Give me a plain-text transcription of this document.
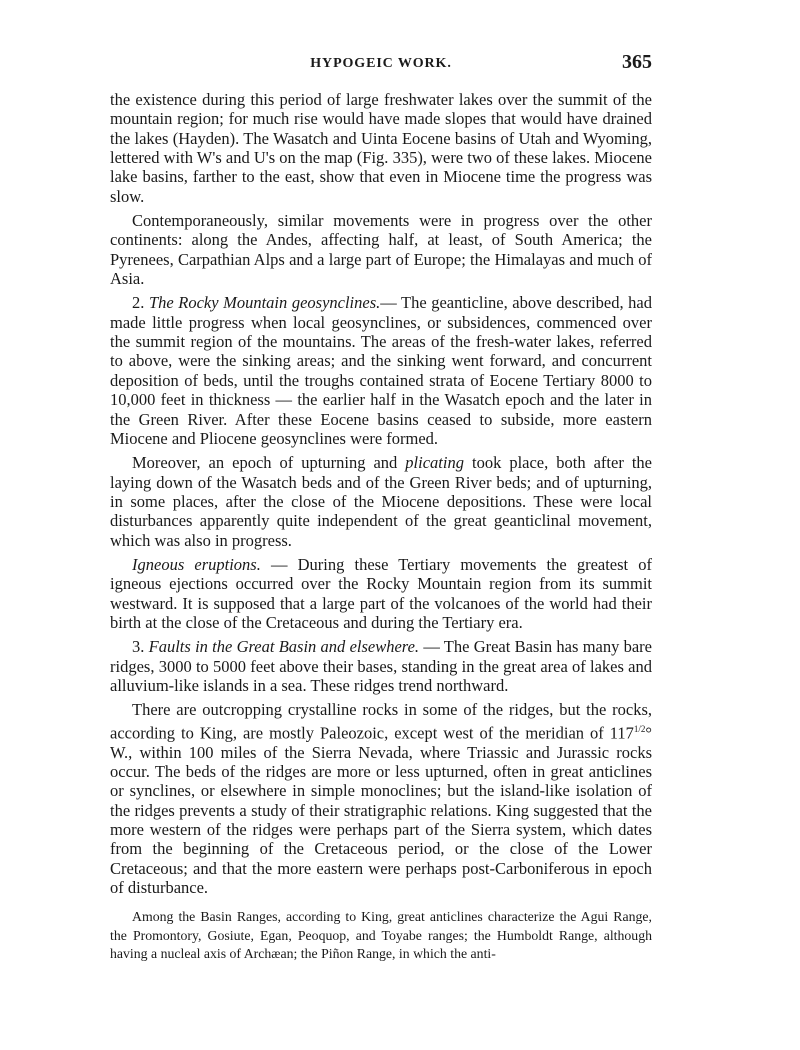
HYPOGEIC WORK.	365

the existence during this period of large freshwater lakes over the summit of the mountain region; for much rise would have made slopes that would have drained the lakes (Hayden). The Wasatch and Uinta Eocene basins of Utah and Wyoming, lettered with W's and U's on the map (Fig. 335), were two of these lakes. Miocene lake basins, farther to the east, show that even in Miocene time the progress was slow.

Contemporaneously, similar movements were in progress over the other continents: along the Andes, affecting half, at least, of South America; the Pyrenees, Carpathian Alps and a large part of Europe; the Himalayas and much of Asia.

2. The Rocky Mountain geosynclines.— The geanticline, above described, had made little progress when local geosynclines, or subsidences, commenced over the summit region of the mountains. The areas of the fresh-water lakes, referred to above, were the sinking areas; and the sinking went forward, and concurrent deposition of beds, until the troughs contained strata of Eocene Tertiary 8000 to 10,000 feet in thickness — the earlier half in the Wasatch epoch and the later in the Green River. After these Eocene basins ceased to subside, more eastern Miocene and Pliocene geosynclines were formed.

Moreover, an epoch of upturning and plicating took place, both after the laying down of the Wasatch beds and of the Green River beds; and of upturning, in some places, after the close of the Miocene depositions. These were local disturbances apparently quite independent of the great geanticlinal movement, which was also in progress.

Igneous eruptions. — During these Tertiary movements the greatest of igneous ejections occurred over the Rocky Mountain region from its summit westward. It is supposed that a large part of the volcanoes of the world had their birth at the close of the Cretaceous and during the Tertiary era.

3. Faults in the Great Basin and elsewhere. — The Great Basin has many bare ridges, 3000 to 5000 feet above their bases, standing in the great area of lakes and alluvium-like islands in a sea. These ridges trend northward.

There are outcropping crystalline rocks in some of the ridges, but the rocks, according to King, are mostly Paleozoic, except west of the meridian of $117^{1/2}^\circ$ W., within 100 miles of the Sierra Nevada, where Triassic and Jurassic rocks occur. The beds of the ridges are more or less upturned, often in great anticlines or synclines, or elsewhere in simple monoclines; but the island-like isolation of the ridges prevents a study of their stratigraphic relations. King suggested that the more western of the ridges were perhaps part of the Sierra system, which dates from the beginning of the Cretaceous period, or the close of the Lower Cretaceous; and that the more eastern were perhaps post-Carboniferous in epoch of disturbance.

Among the Basin Ranges, according to King, great anticlines characterize the Agui Range, the Promontory, Gosiute, Egan, Peoquop, and Toyabe ranges; the Humboldt Range, although having a nucleal axis of Archæan; the Piñon Range, in which the anti-
